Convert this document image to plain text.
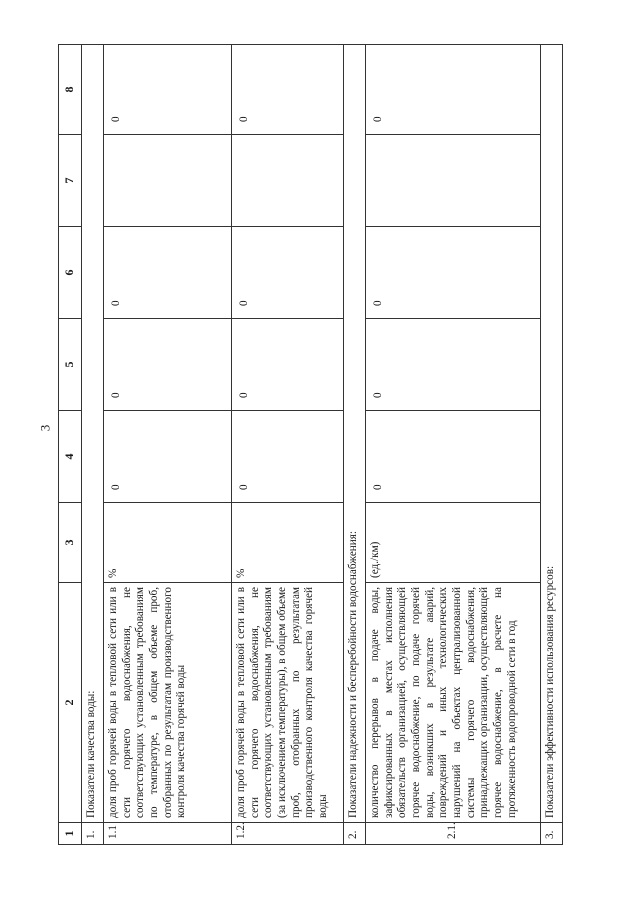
3
1	2	3	4	5	6	7	8
1.	Показатели качества воды:						
1.1	доля проб горячей воды в тепловой сети или в сети горячего водоснабжения, не соответствующих установленным требованиям по температуре, в общем объеме проб, отобранных по результатам производственного контроля качества горячей воды	%	0	0	0		0
1.2.	доля проб горячей воды в тепловой сети или в сети горячего водоснабжения, не соответствующих установленным требованиям (за исключением температуры), в общем объеме проб, отобранных по результатам производственного контроля качества горячей воды	%	0	0	0		0
2.	Показатели надежности и бесперебойности водоснабжения:						
2.1.	количество перерывов в подаче воды, зафиксированных в местах исполнения обязательств организацией, осуществляющей горячее водоснабжение, по подаче горячей воды, возникших в результате аварий, повреждений и иных технологических нарушений на объектах централизованной системы горячего водоснабжения, принадлежащих организации, осуществляющей горячее водоснабжение, в расчете на протяженность водопроводной сети в год	(ед./км)	0	0	0		0
3.	Показатели эффективности использования ресурсов:						
